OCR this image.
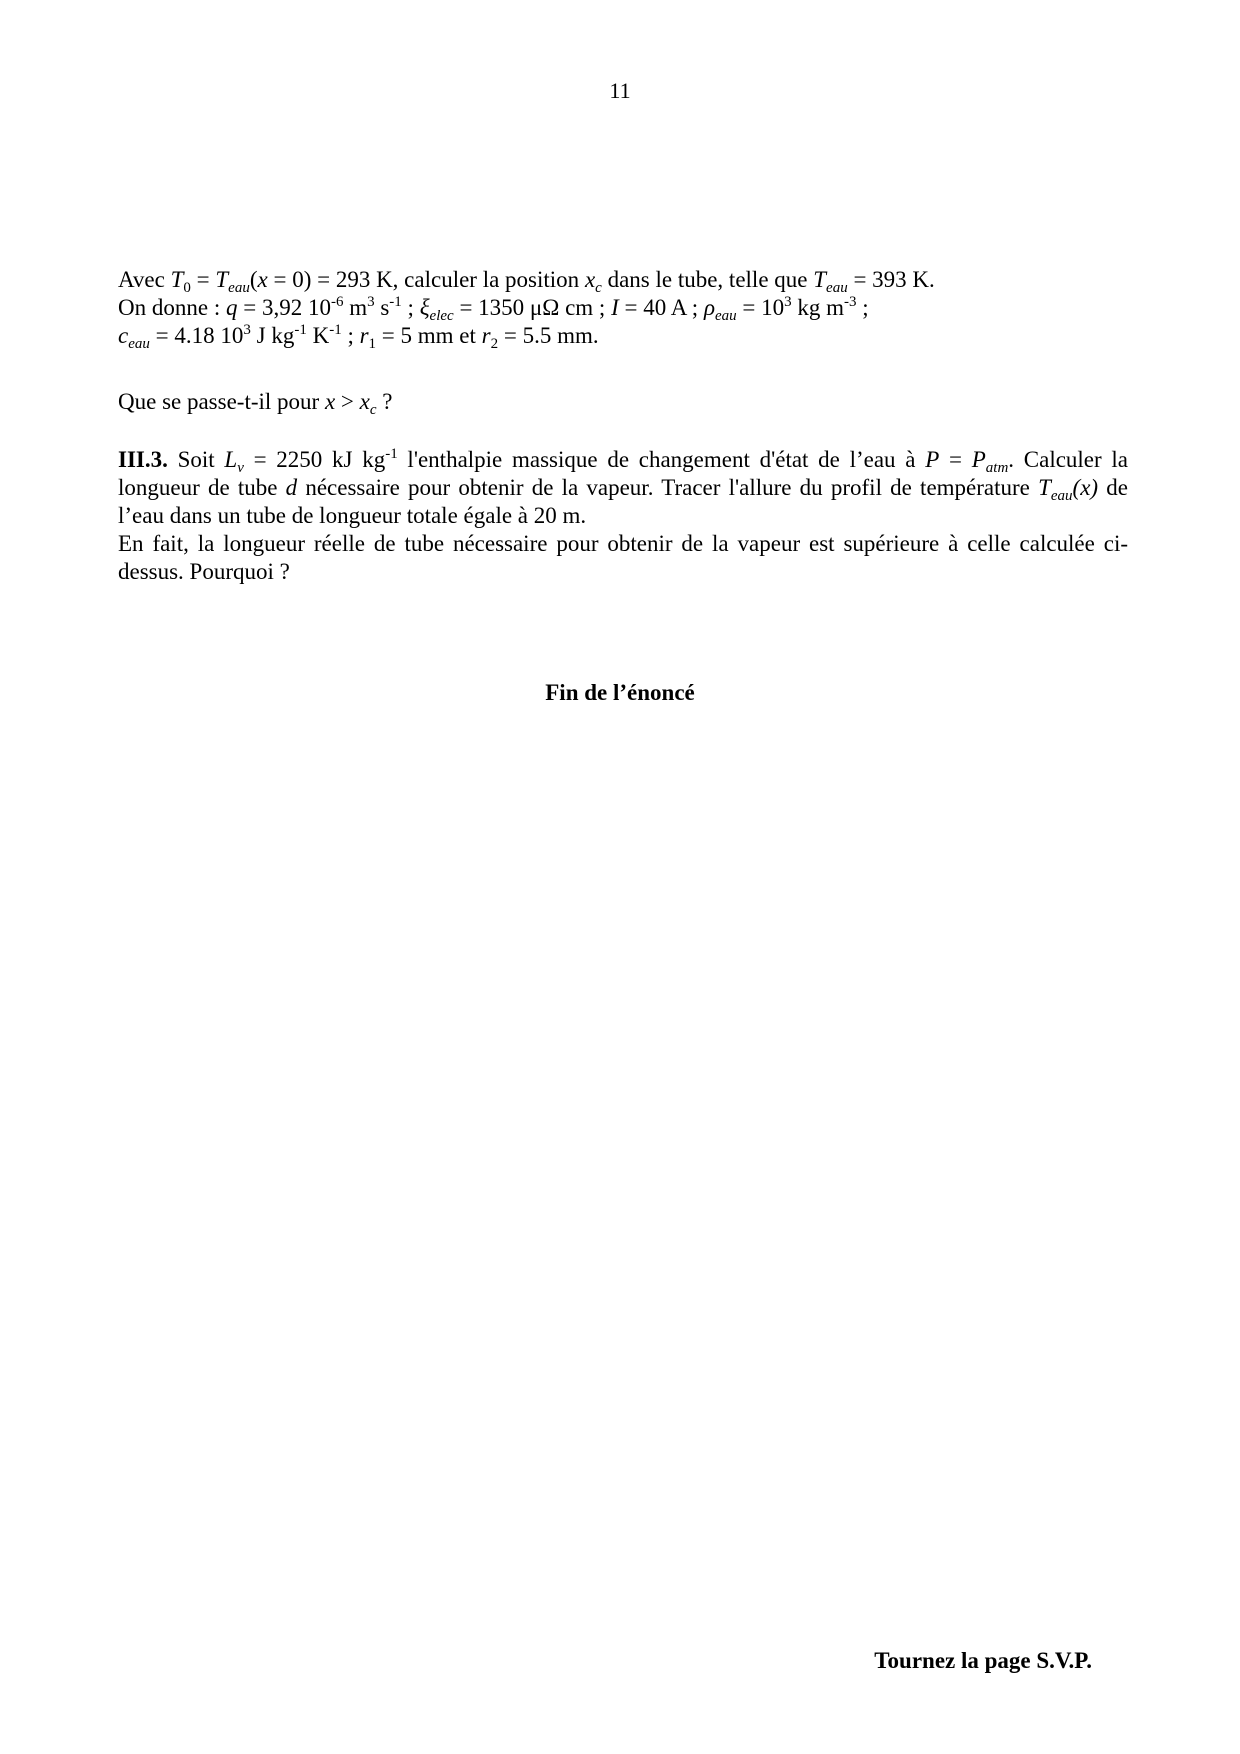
11
Avec $T_0 = T_{eau}(x = 0) = 293$ K, calculer la position $x_c$ dans le tube, telle que $T_{eau} = 393$ K.
On donne : q = 3,92 $10^{-6}$ $m^3$ $s^{-1}$ ; $\xi_{elec} = 1350$ μΩ cm ; I = 40 A ; $\rho_{eau} = 10^3$ kg $m^{-3}$ ;
$c_{eau} = 4.18$ $10^3$ J $kg^{-1}$ $K^{-1}$ ; $r_1 = 5$ mm et $r_2 = 5.5$ mm.
Que se passe-t-il pour $x > x_c$ ?
III.3. Soit $L_v = 2250$ kJ $kg^{-1}$ l'enthalpie massique de changement d'état de l’eau à $P = P_{atm}$. Calculer la longueur de tube d nécessaire pour obtenir de la vapeur. Tracer l'allure du profil de température $T_{eau}(x)$ de l’eau dans un tube de longueur totale égale à 20 m.
En fait, la longueur réelle de tube nécessaire pour obtenir de la vapeur est supérieure à celle calculée ci-dessus. Pourquoi ?
Fin de l’énoncé
Tournez la page S.V.P.
